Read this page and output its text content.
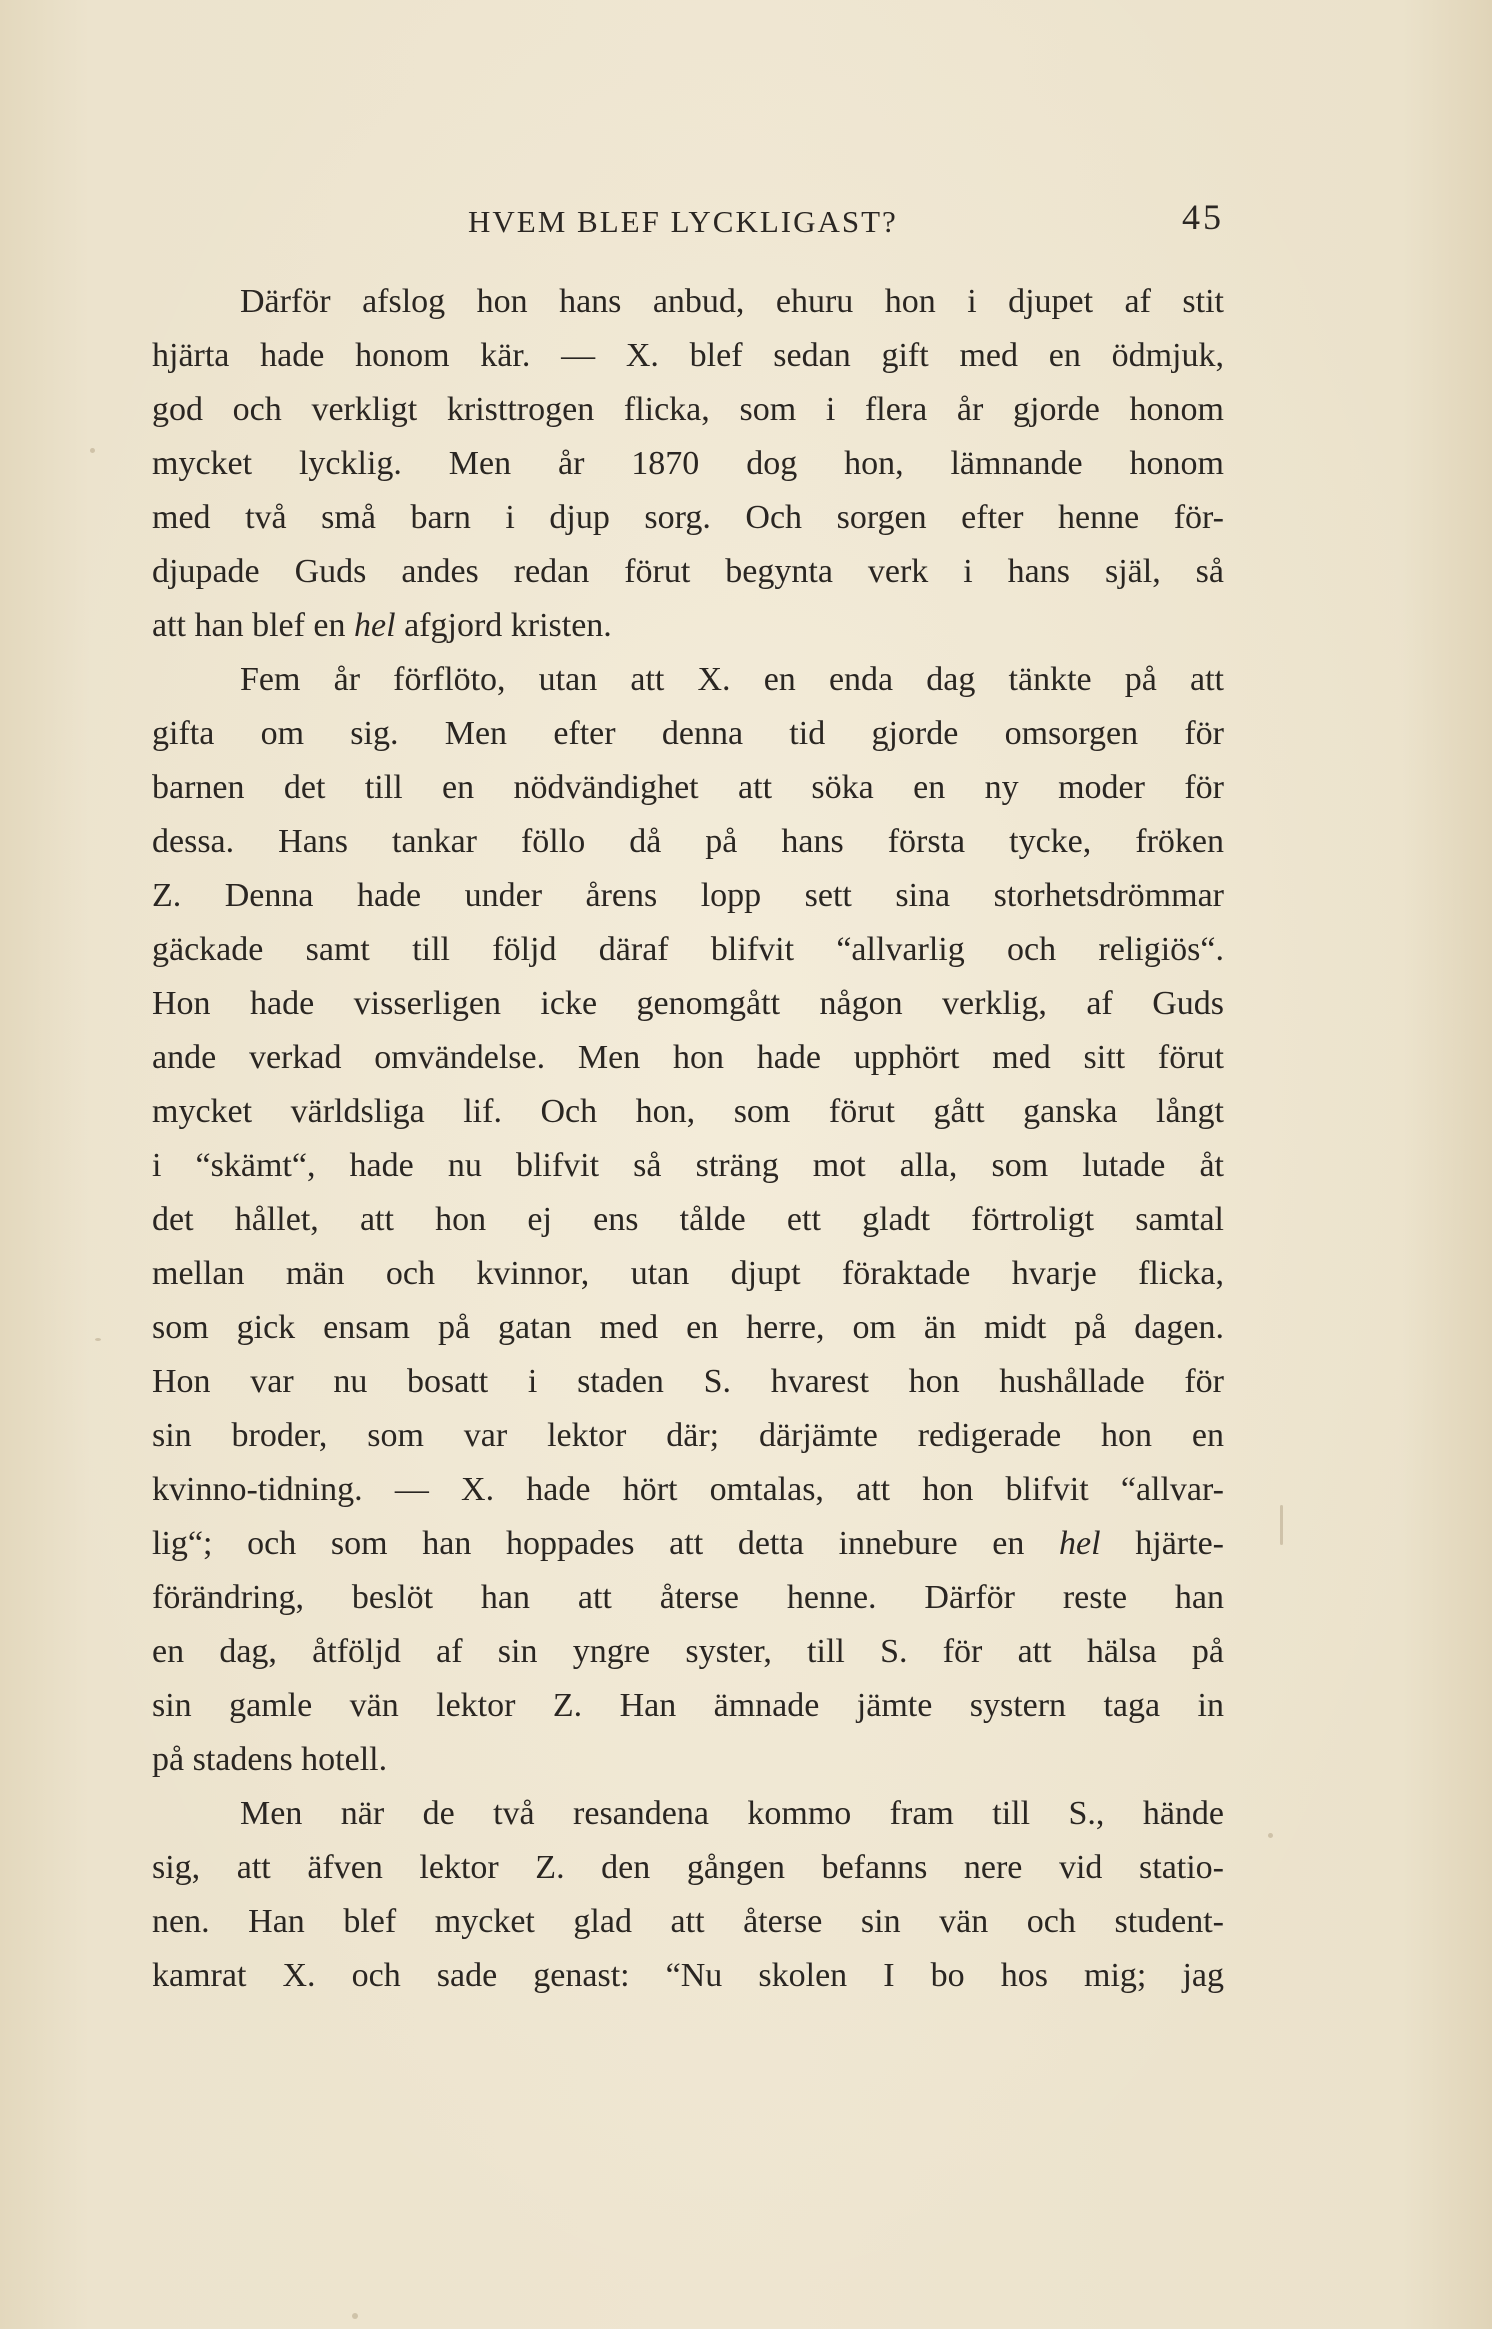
HVEM BLEF LYCKLIGAST?	45
Därför afslog hon hans anbud, ehuru hon i djupet af stit
hjärta hade honom kär. — X. blef sedan gift med en ödmjuk,
god och verkligt kristtrogen flicka, som i flera år gjorde honom
mycket lycklig. Men år 1870 dog hon, lämnande honom
med två små barn i djup sorg. Och sorgen efter henne för-
djupade Guds andes redan förut begynta verk i hans själ, så
att han blef en hel afgjord kristen.
Fem år förflöto, utan att X. en enda dag tänkte på att
gifta om sig. Men efter denna tid gjorde omsorgen för
barnen det till en nödvändighet att söka en ny moder för
dessa. Hans tankar föllo då på hans första tycke, fröken
Z. Denna hade under årens lopp sett sina storhetsdrömmar
gäckade samt till följd däraf blifvit “allvarlig och religiös“.
Hon hade visserligen icke genomgått någon verklig, af Guds
ande verkad omvändelse. Men hon hade upphört med sitt förut
mycket världsliga lif. Och hon, som förut gått ganska långt
i “skämt“, hade nu blifvit så sträng mot alla, som lutade åt
det hållet, att hon ej ens tålde ett gladt förtroligt samtal
mellan män och kvinnor, utan djupt föraktade hvarje flicka,
som gick ensam på gatan med en herre, om än midt på dagen.
Hon var nu bosatt i staden S. hvarest hon hushållade för
sin broder, som var lektor där; därjämte redigerade hon en
kvinno-tidning. — X. hade hört omtalas, att hon blifvit “allvar-
lig“; och som han hoppades att detta innebure en hel hjärte-
förändring, beslöt han att återse henne. Därför reste han
en dag, åtföljd af sin yngre syster, till S. för att hälsa på
sin gamle vän lektor Z. Han ämnade jämte systern taga in
på stadens hotell.
Men när de två resandena kommo fram till S., hände
sig, att äfven lektor Z. den gången befanns nere vid statio-
nen. Han blef mycket glad att återse sin vän och student-
kamrat X. och sade genast: “Nu skolen I bo hos mig; jag
